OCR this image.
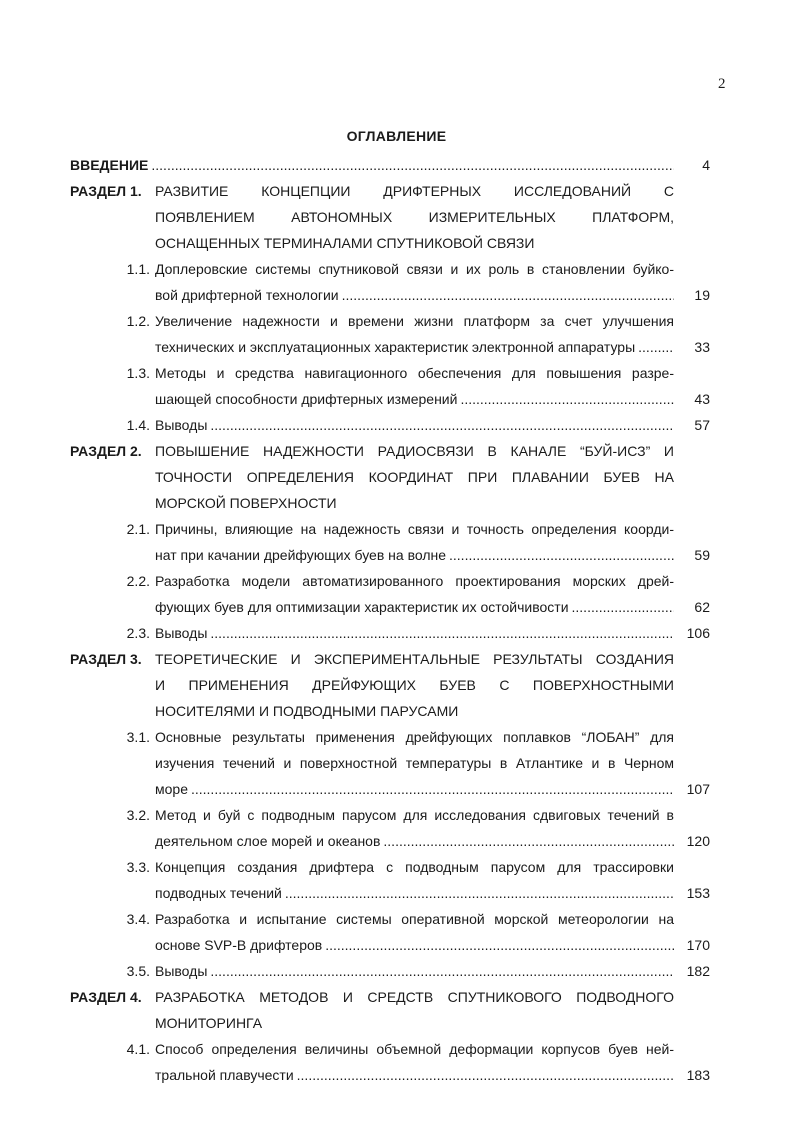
2
ОГЛАВЛЕНИЕ
ВВЕДЕНИЕ .....	4
РАЗДЕЛ 1. РАЗВИТИЕ КОНЦЕПЦИИ ДРИФТЕРНЫХ ИССЛЕДОВАНИЙ С
ПОЯВЛЕНИЕМ АВТОНОМНЫХ ИЗМЕРИТЕЛЬНЫХ ПЛАТФОРМ,
ОСНАЩЕННЫХ ТЕРМИНАЛАМИ СПУТНИКОВОЙ СВЯЗИ
1.1. Доплеровские системы спутниковой связи и их роль в становлении буйко-
вой дрифтерной технологии .....	19
1.2. Увеличение надежности и времени жизни платформ за счет улучшения
технических и эксплуатационных характеристик электронной аппаратуры .....	33
1.3. Методы и средства навигационного обеспечения для повышения разре-
шающей способности дрифтерных измерений .....	43
1.4. Выводы .....	57
РАЗДЕЛ 2. ПОВЫШЕНИЕ НАДЕЖНОСТИ РАДИОСВЯЗИ В КАНАЛЕ “БУЙ-ИСЗ” И
ТОЧНОСТИ ОПРЕДЕЛЕНИЯ КООРДИНАТ ПРИ ПЛАВАНИИ БУЕВ НА
МОРСКОЙ ПОВЕРХНОСТИ
2.1. Причины, влияющие на надежность связи и точность определения коорди-
нат при качании дрейфующих буев на волне .....	59
2.2. Разработка модели автоматизированного проектирования морских дрей-
фующих буев для оптимизации характеристик их остойчивости .....	62
2.3. Выводы .....	106
РАЗДЕЛ 3. ТЕОРЕТИЧЕСКИЕ И ЭКСПЕРИМЕНТАЛЬНЫЕ РЕЗУЛЬТАТЫ СОЗДАНИЯ
И ПРИМЕНЕНИЯ ДРЕЙФУЮЩИХ БУЕВ С ПОВЕРХНОСТНЫМИ
НОСИТЕЛЯМИ И ПОДВОДНЫМИ ПАРУСАМИ
3.1. Основные результаты применения дрейфующих поплавков “ЛОБАН” для
изучения течений и поверхностной температуры в Атлантике и в Черном
море .....	107
3.2. Метод и буй с подводным парусом для исследования сдвиговых течений в
деятельном слое морей и океанов .....	120
3.3. Концепция создания дрифтера с подводным парусом для трассировки
подводных течений .....	153
3.4. Разработка и испытание системы оперативной морской метеорологии на
основе SVP-B дрифтеров .....	170
3.5. Выводы .....	182
РАЗДЕЛ 4. РАЗРАБОТКА МЕТОДОВ И СРЕДСТВ СПУТНИКОВОГО ПОДВОДНОГО
МОНИТОРИНГА
4.1. Способ определения величины объемной деформации корпусов буев ней-
тральной плавучести .....	183
